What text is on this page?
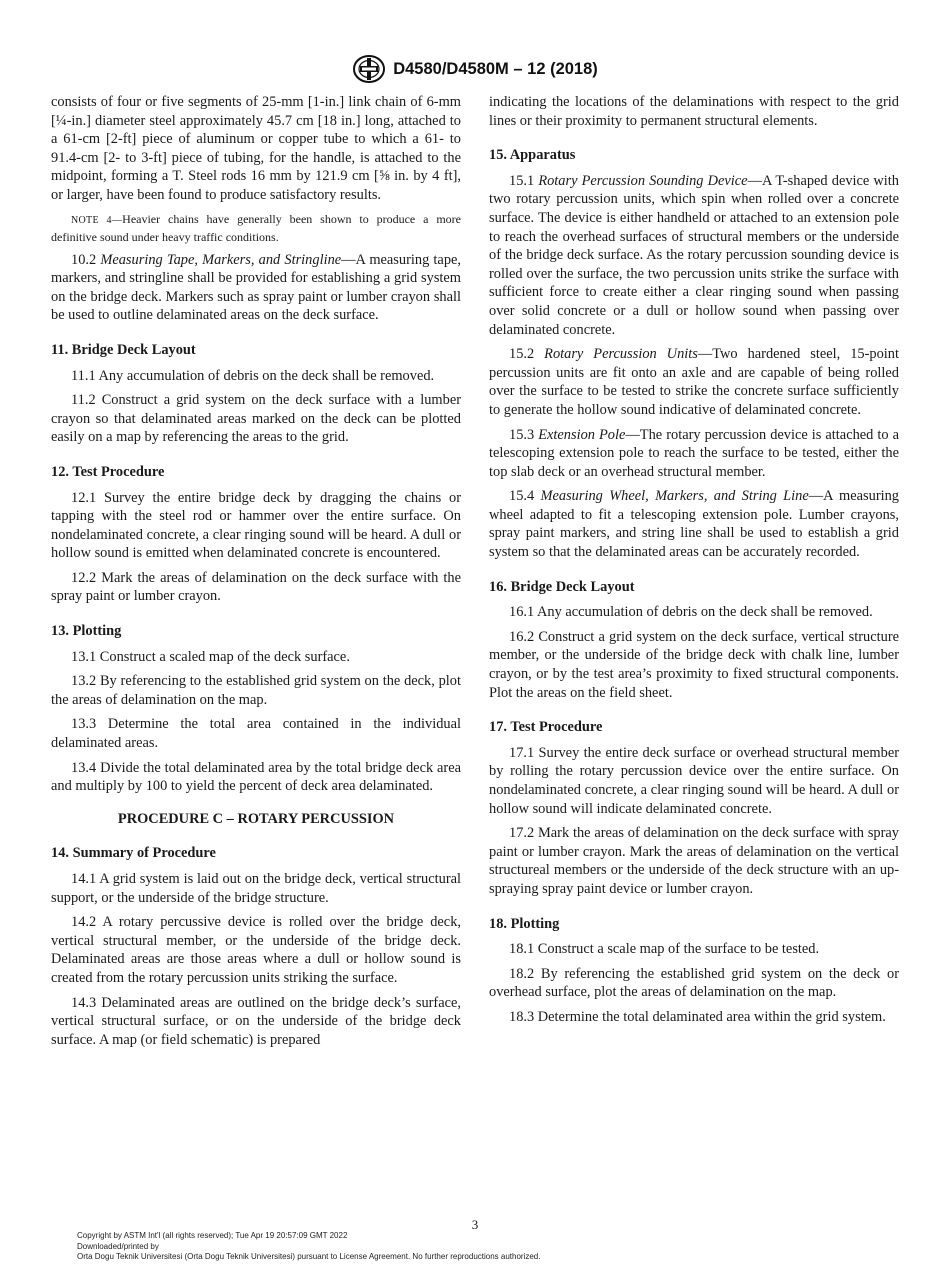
D4580/D4580M – 12 (2018)

consists of four or five segments of 25-mm [1-in.] link chain of 6-mm [¼-in.] diameter steel approximately 45.7 cm [18 in.] long, attached to a 61-cm [2-ft] piece of aluminum or copper tube to which a 61- to 91.4-cm [2- to 3-ft] piece of tubing, for the handle, is attached to the midpoint, forming a T. Steel rods 16 mm by 121.9 cm [⅝ in. by 4 ft], or larger, have been found to produce satisfactory results.

NOTE 4—Heavier chains have generally been shown to produce a more definitive sound under heavy traffic conditions.

10.2 Measuring Tape, Markers, and Stringline—A measuring tape, markers, and stringline shall be provided for establishing a grid system on the bridge deck. Markers such as spray paint or lumber crayon shall be used to outline delaminated areas on the deck surface.

11. Bridge Deck Layout

11.1 Any accumulation of debris on the deck shall be removed.

11.2 Construct a grid system on the deck surface with a lumber crayon so that delaminated areas marked on the deck can be plotted easily on a map by referencing the areas to the grid.

12. Test Procedure

12.1 Survey the entire bridge deck by dragging the chains or tapping with the steel rod or hammer over the entire surface. On nondelaminated concrete, a clear ringing sound will be heard. A dull or hollow sound is emitted when delaminated concrete is encountered.

12.2 Mark the areas of delamination on the deck surface with the spray paint or lumber crayon.

13. Plotting

13.1 Construct a scaled map of the deck surface.

13.2 By referencing to the established grid system on the deck, plot the areas of delamination on the map.

13.3 Determine the total area contained in the individual delaminated areas.

13.4 Divide the total delaminated area by the total bridge deck area and multiply by 100 to yield the percent of deck area delaminated.

PROCEDURE C – ROTARY PERCUSSION
14. Summary of Procedure

14.1 A grid system is laid out on the bridge deck, vertical structural support, or the underside of the bridge structure.

14.2 A rotary percussive device is rolled over the bridge deck, vertical structural member, or the underside of the bridge deck. Delaminated areas are those areas where a dull or hollow sound is created from the rotary percussion units striking the surface.

14.3 Delaminated areas are outlined on the bridge deck’s surface, vertical structural surface, or on the underside of the bridge deck surface. A map (or field schematic) is prepared

indicating the locations of the delaminations with respect to the grid lines or their proximity to permanent structural elements.

15. Apparatus

15.1 Rotary Percussion Sounding Device—A T-shaped device with two rotary percussion units, which spin when rolled over a concrete surface. The device is either handheld or attached to an extension pole to reach the overhead surfaces of structural members or the underside of the bridge deck surface. As the rotary percussion sounding device is rolled over the surface, the two percussion units strike the surface with sufficient force to create either a clear ringing sound when passing over solid concrete or a dull or hollow sound when passing over delaminated concrete.

15.2 Rotary Percussion Units—Two hardened steel, 15-point percussion units are fit onto an axle and are capable of being rolled over the surface to be tested to strike the concrete surface sufficiently to generate the hollow sound indicative of delaminated concrete.

15.3 Extension Pole—The rotary percussion device is attached to a telescoping extension pole to reach the surface to be tested, either the top slab deck or an overhead structural member.

15.4 Measuring Wheel, Markers, and String Line—A measuring wheel adapted to fit a telescoping extension pole. Lumber crayons, spray paint markers, and string line shall be used to establish a grid system so that the delaminated areas can be accurately recorded.

16. Bridge Deck Layout

16.1 Any accumulation of debris on the deck shall be removed.

16.2 Construct a grid system on the deck surface, vertical structure member, or the underside of the bridge deck with chalk line, lumber crayon, or by the test area’s proximity to fixed structural components. Plot the areas on the field sheet.

17. Test Procedure

17.1 Survey the entire deck surface or overhead structural member by rolling the rotary percussion device over the entire surface. On nondelaminated concrete, a clear ringing sound will be heard. A dull or hollow sound will indicate delaminated concrete.

17.2 Mark the areas of delamination on the deck surface with spray paint or lumber crayon. Mark the areas of delamination on the vertical structureal members or the underside of the deck structure with an up-spraying spray paint device or lumber crayon.

18. Plotting

18.1 Construct a scale map of the surface to be tested.

18.2 By referencing the established grid system on the deck or overhead surface, plot the areas of delamination on the map.

18.3 Determine the total delaminated area within the grid system.

3
Copyright by ASTM Int'l (all rights reserved); Tue Apr 19 20:57:09 GMT 2022
Downloaded/printed by
Orta Dogu Teknik Universitesi (Orta Dogu Teknik Universitesi) pursuant to License Agreement. No further reproductions authorized.
